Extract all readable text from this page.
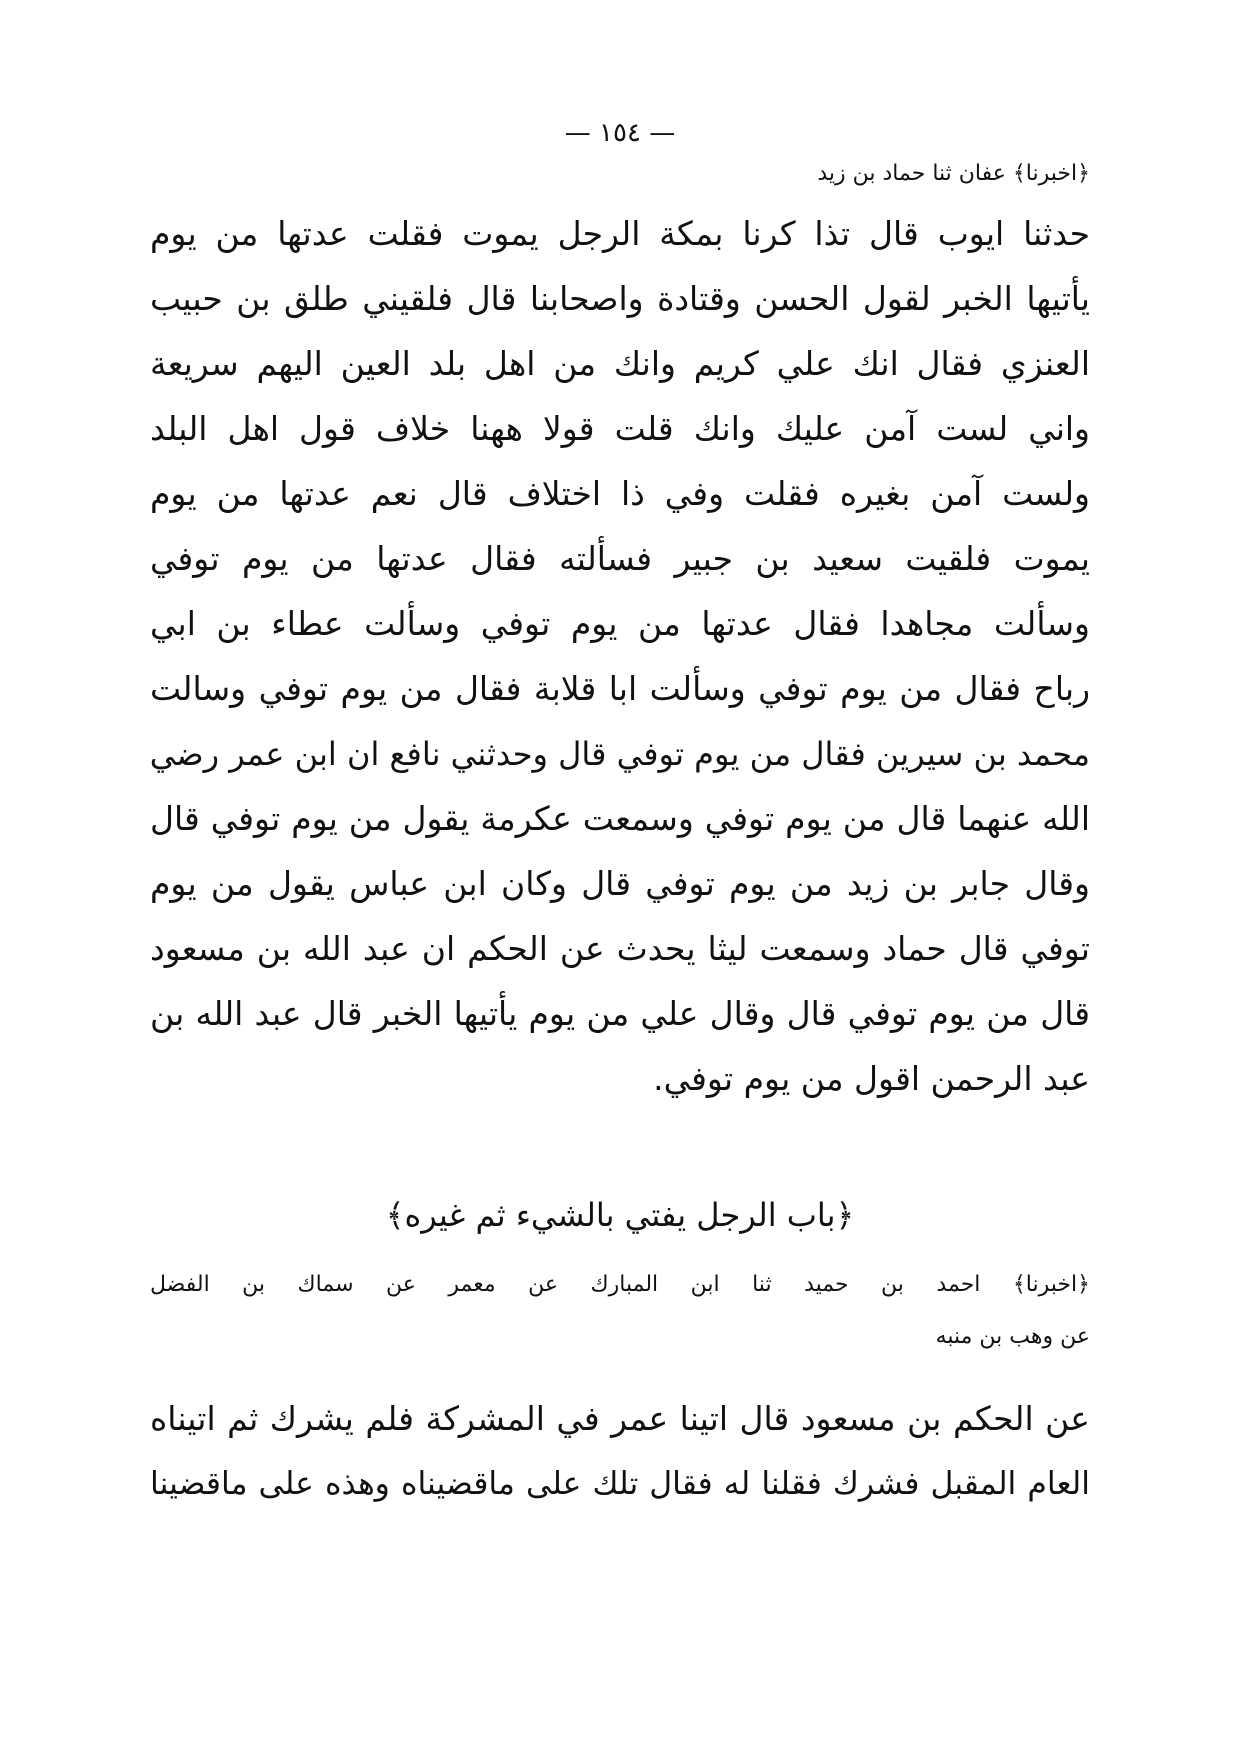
— ١٥٤ —
﴿اخبرنا﴾ عفان ثنا حماد بن زيد
حدثنا ايوب قال تذا كرنا بمكة الرجل يموت فقلت عدتها من يوم
يأتيها الخبر لقول الحسن وقتادة واصحابنا قال فلقيني طلق بن حبيب
العنزي فقال انك علي كريم وانك من اهل بلد العين اليهم سريعة
واني لست آمن عليك وانك قلت قولا ههنا خلاف قول اهل البلد
ولست آمن بغيره فقلت وفي ذا اختلاف قال نعم عدتها من يوم
يموت فلقيت سعيد بن جبير فسألته فقال عدتها من يوم توفي
وسألت مجاهدا فقال عدتها من يوم توفي وسألت عطاء بن ابي
رباح فقال من يوم توفي وسألت ابا قلابة فقال من يوم توفي وسالت
محمد بن سيرين فقال من يوم توفي قال وحدثني نافع ان ابن عمر رضي
الله عنهما قال من يوم توفي وسمعت عكرمة يقول من يوم توفي قال
وقال جابر بن زيد من يوم توفي قال وكان ابن عباس يقول من يوم
توفي قال حماد وسمعت ليثا يحدث عن الحكم ان عبد الله بن مسعود
قال من يوم توفي قال وقال علي من يوم يأتيها الخبر قال عبد الله بن
عبد الرحمن اقول من يوم توفي.
﴿باب الرجل يفتي بالشيء ثم غيره﴾
﴿اخبرنا﴾ احمد بن حميد ثنا ابن المبارك عن معمر عن سماك بن الفضل
عن وهب بن منبه
عن الحكم بن مسعود قال اتينا عمر في المشركة فلم يشرك ثم اتيناه
العام المقبل فشرك فقلنا له فقال تلك على ماقضيناه وهذه على ماقضينا
